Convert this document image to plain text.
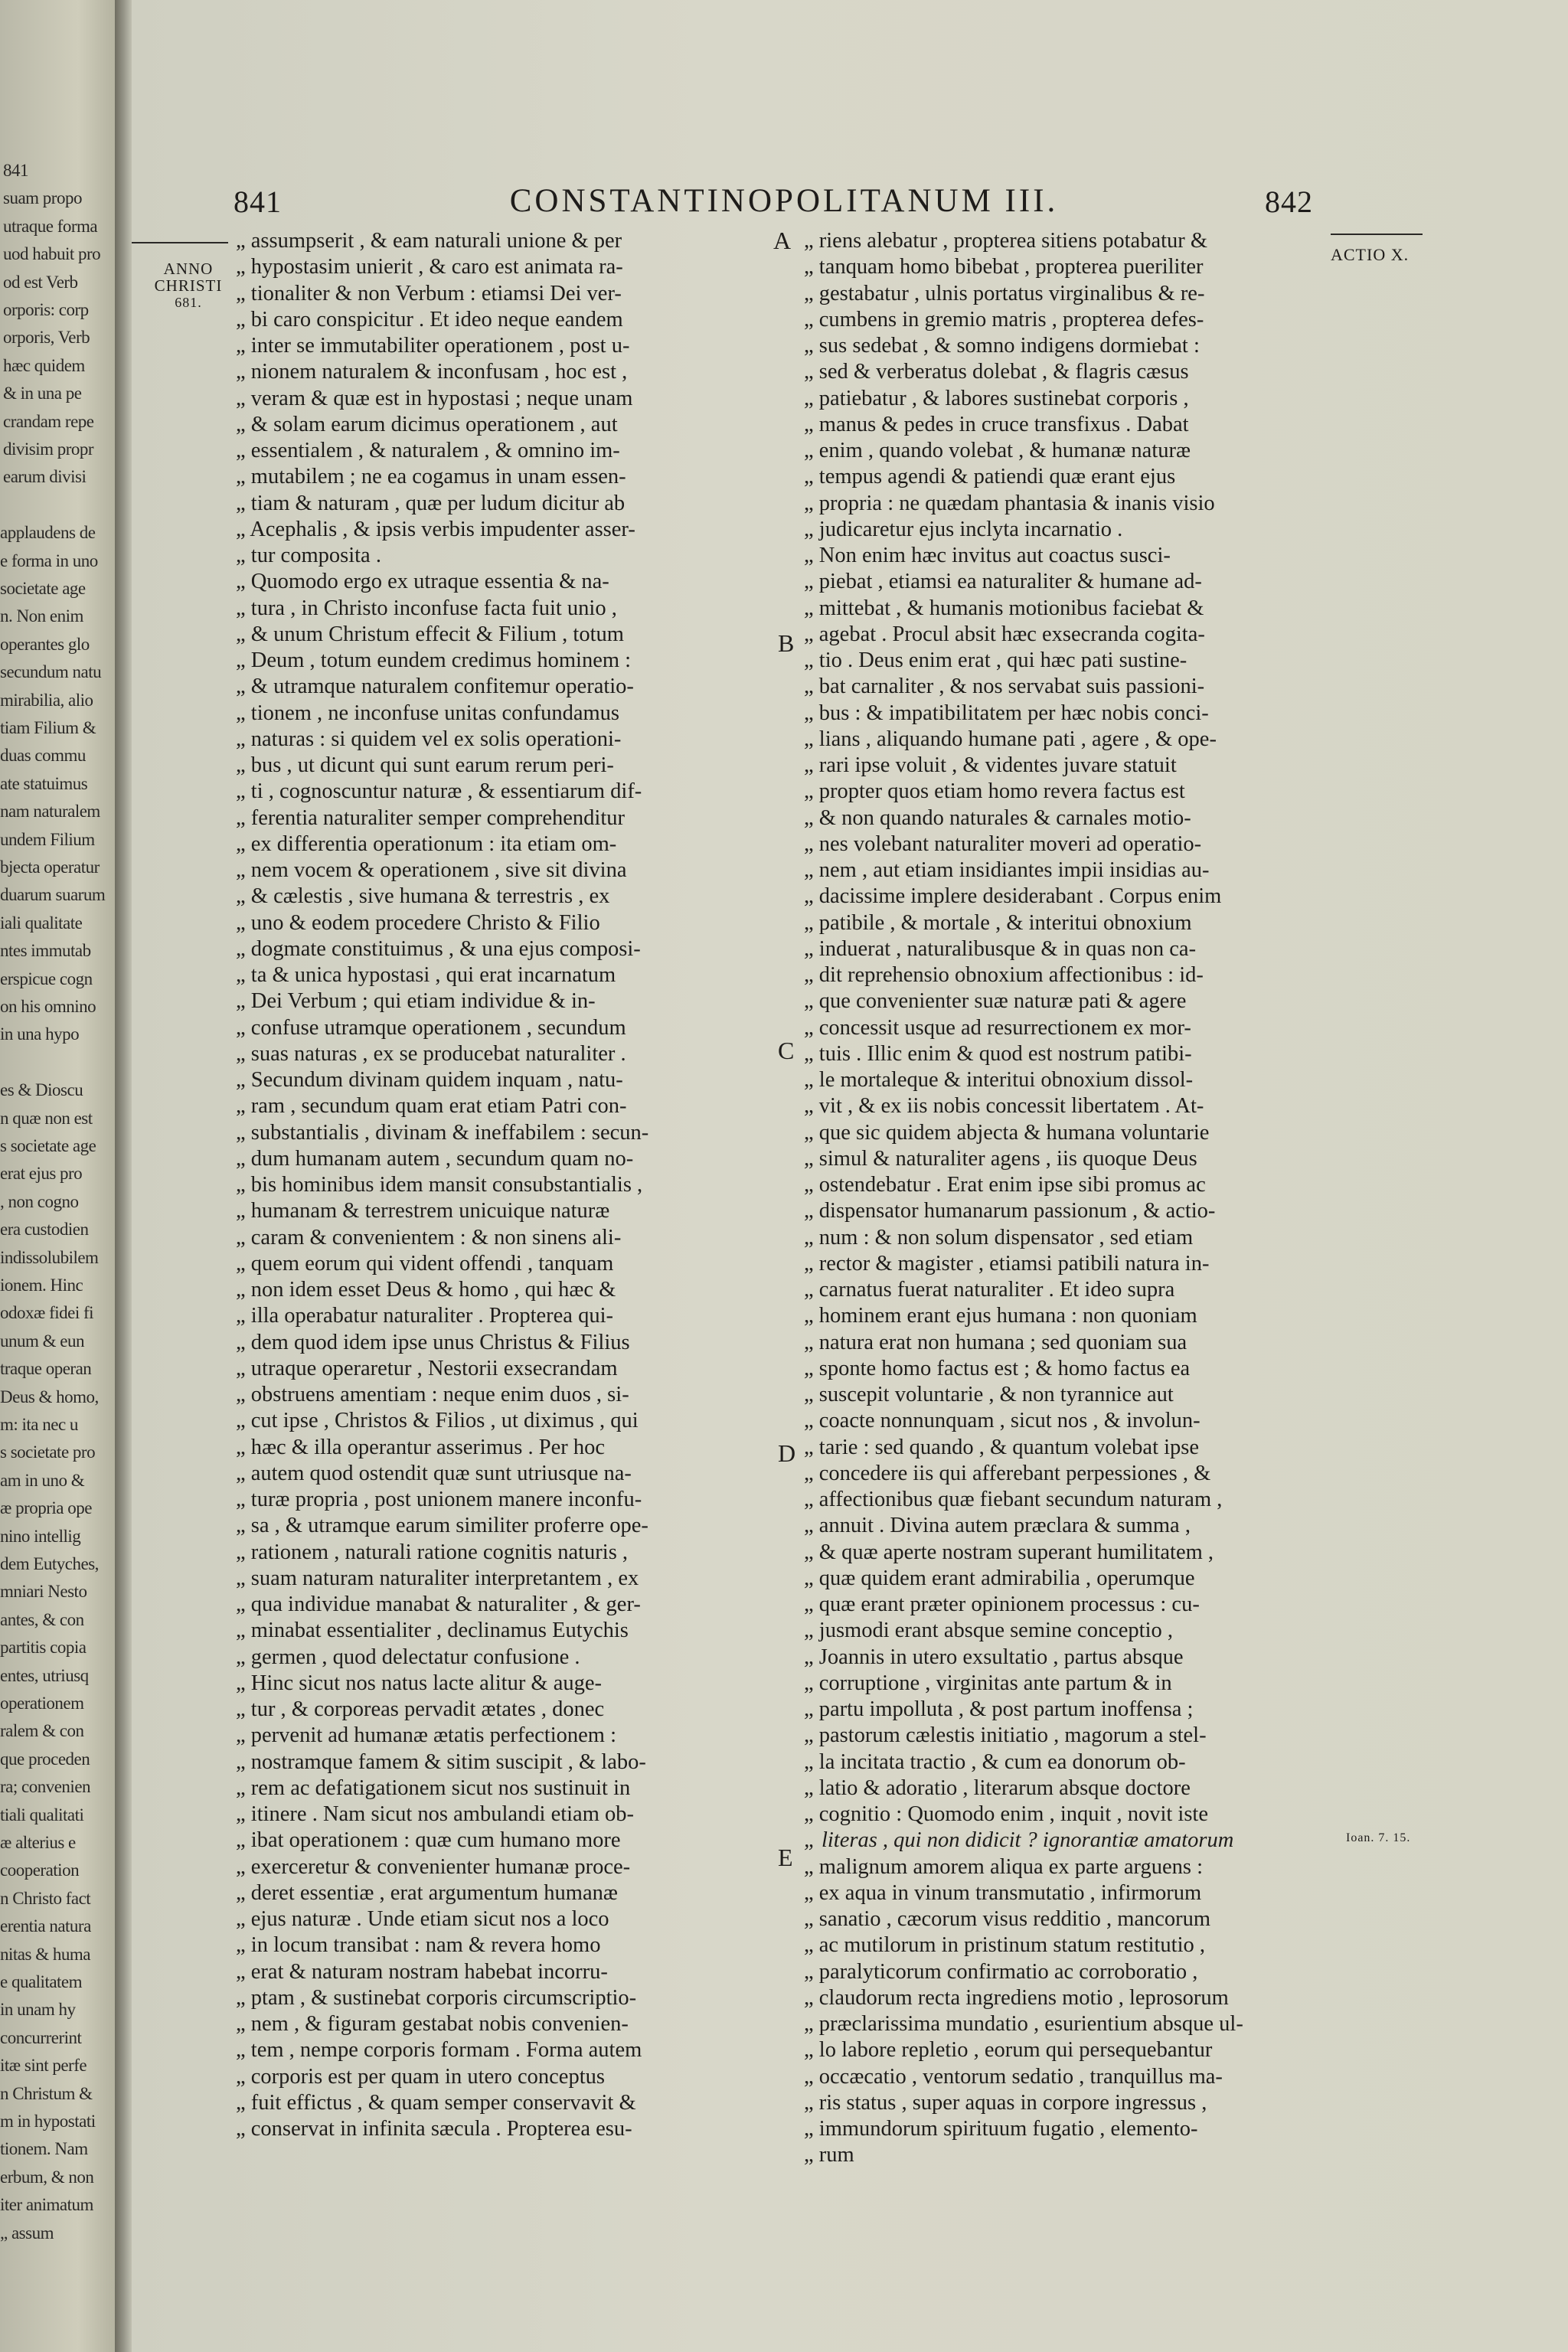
841
suam propo
utraque forma
uod habuit pro
od est Verb
orporis: corp
orporis, Verb
hæc quidem
& in una pe
crandam repe
divisim propr
earum divisi
applaudens de
e forma in uno
societate age
n. Non enim
operantes glo
secundum natu
mirabilia, alio
tiam Filium &
duas commu
ate statuimus
nam naturalem
undem Filium
bjecta operatur
duarum suarum
iali qualitate
ntes immutab
erspicue cogn
on his omnino
in una hypo
es & Dioscu
n quæ non est
s societate age
erat ejus pro
, non cogno
era custodien
indissolubilem
ionem. Hinc
odoxæ fidei fi
unum & eun
traque operan
Deus & homo,
m: ita nec u
s societate pro
am in uno &
æ propria ope
nino intellig
dem Eutyches,
mniari Nesto
antes, & con
partitis copia
entes, utriusq
operationem
ralem & con
que proceden
ra; convenien
tiali qualitati
æ alterius e
cooperation
n Christo fact
erentia natura
nitas & huma
e qualitatem
in unam hy
concurrerint
itæ sint perfe
n Christum &
m in hypostati
tionem. Nam
erbum, & non
iter animatum
„ assum
841	CONSTANTINOPOLITANUM III.	842
ANNO
CHRISTI
681.
ACTIO X.
Ioan. 7. 15.
„ assumpserit , & eam naturali unione & per
„ hypostasim unierit , & caro est animata ra-
„ tionaliter & non Verbum : etiamsi Dei ver-
„ bi caro conspicitur . Et ideo neque eandem
„ inter se immutabiliter operationem , post u-
„ nionem naturalem & inconfusam , hoc est ,
„ veram & quæ est in hypostasi ; neque unam
„ & solam earum dicimus operationem , aut
„ essentialem , & naturalem , & omnino im-
„ mutabilem ; ne ea cogamus in unam essen-
„ tiam & naturam , quæ per ludum dicitur ab
„ Acephalis , & ipsis verbis impudenter asser-
„ tur composita .
„ Quomodo ergo ex utraque essentia & na-
„ tura , in Christo inconfuse facta fuit unio ,
„ & unum Christum effecit & Filium , totum
„ Deum , totum eundem credimus hominem :
„ & utramque naturalem confitemur operatio-
„ tionem , ne inconfuse unitas confundamus
„ naturas : si quidem vel ex solis operationi-
„ bus , ut dicunt qui sunt earum rerum peri-
„ ti , cognoscuntur naturæ , & essentiarum dif-
„ ferentia naturaliter semper comprehenditur
„ ex differentia operationum : ita etiam om-
„ nem vocem & operationem , sive sit divina
„ & cælestis , sive humana & terrestris , ex
„ uno & eodem procedere Christo & Filio
„ dogmate constituimus , & una ejus composi-
„ ta & unica hypostasi , qui erat incarnatum
„ Dei Verbum ; qui etiam individue & in-
„ confuse utramque operationem , secundum
„ suas naturas , ex se producebat naturaliter .
„ Secundum divinam quidem inquam , natu-
„ ram , secundum quam erat etiam Patri con-
„ substantialis , divinam & ineffabilem : secun-
„ dum humanam autem , secundum quam no-
„ bis hominibus idem mansit consubstantialis ,
„ humanam & terrestrem unicuique naturæ
„ caram & convenientem : & non sinens ali-
„ quem eorum qui vident offendi , tanquam
„ non idem esset Deus & homo , qui hæc &
„ illa operabatur naturaliter . Propterea qui-
„ dem quod idem ipse unus Christus & Filius
„ utraque operaretur , Nestorii exsecrandam
„ obstruens amentiam : neque enim duos , si-
„ cut ipse , Christos & Filios , ut diximus , qui
„ hæc & illa operantur asserimus . Per hoc
„ autem quod ostendit quæ sunt utriusque na-
„ turæ propria , post unionem manere inconfu-
„ sa , & utramque earum similiter proferre ope-
„ rationem , naturali ratione cognitis naturis ,
„ suam naturam naturaliter interpretantem , ex
„ qua individue manabat & naturaliter , & ger-
„ minabat essentialiter , declinamus Eutychis
„ germen , quod delectatur confusione .
„ Hinc sicut nos natus lacte alitur & auge-
„ tur , & corporeas pervadit ætates , donec
„ pervenit ad humanæ ætatis perfectionem :
„ nostramque famem & sitim suscipit , & labo-
„ rem ac defatigationem sicut nos sustinuit in
„ itinere . Nam sicut nos ambulandi etiam ob-
„ ibat operationem : quæ cum humano more
„ exerceretur & convenienter humanæ proce-
„ deret essentiæ , erat argumentum humanæ
„ ejus naturæ . Unde etiam sicut nos a loco
„ in locum transibat : nam & revera homo
„ erat & naturam nostram habebat incorru-
„ ptam , & sustinebat corporis circumscriptio-
„ nem , & figuram gestabat nobis convenien-
„ tem , nempe corporis formam . Forma autem
„ corporis est per quam in utero conceptus
„ fuit effictus , & quam semper conservavit &
„ conservat in infinita sæcula . Propterea esu-
„ riens alebatur , propterea sitiens potabatur &
„ tanquam homo bibebat , propterea pueriliter
„ gestabatur , ulnis portatus virginalibus & re-
„ cumbens in gremio matris , propterea defes-
„ sus sedebat , & somno indigens dormiebat :
„ sed & verberatus dolebat , & flagris cæsus
„ patiebatur , & labores sustinebat corporis ,
„ manus & pedes in cruce transfixus . Dabat
„ enim , quando volebat , & humanæ naturæ
„ tempus agendi & patiendi quæ erant ejus
„ propria : ne quædam phantasia & inanis visio
„ judicaretur ejus inclyta incarnatio .
„ Non enim hæc invitus aut coactus susci-
„ piebat , etiamsi ea naturaliter & humane ad-
„ mittebat , & humanis motionibus faciebat &
„ agebat . Procul absit hæc exsecranda cogita-
„ tio . Deus enim erat , qui hæc pati sustine-
„ bat carnaliter , & nos servabat suis passioni-
„ bus : & impatibilitatem per hæc nobis conci-
„ lians , aliquando humane pati , agere , & ope-
„ rari ipse voluit , & videntes juvare statuit
„ propter quos etiam homo revera factus est
„ & non quando naturales & carnales motio-
„ nes volebant naturaliter moveri ad operatio-
„ nem , aut etiam insidiantes impii insidias au-
„ dacissime implere desiderabant . Corpus enim
„ patibile , & mortale , & interitui obnoxium
„ induerat , naturalibusque & in quas non ca-
„ dit reprehensio obnoxium affectionibus : id-
„ que convenienter suæ naturæ pati & agere
„ concessit usque ad resurrectionem ex mor-
„ tuis . Illic enim & quod est nostrum patibi-
„ le mortaleque & interitui obnoxium dissol-
„ vit , & ex iis nobis concessit libertatem . At-
„ que sic quidem abjecta & humana voluntarie
„ simul & naturaliter agens , iis quoque Deus
„ ostendebatur . Erat enim ipse sibi promus ac
„ dispensator humanarum passionum , & actio-
„ num : & non solum dispensator , sed etiam
„ rector & magister , etiamsi patibili natura in-
„ carnatus fuerat naturaliter . Et ideo supra
„ hominem erant ejus humana : non quoniam
„ natura erat non humana ; sed quoniam sua
„ sponte homo factus est ; & homo factus ea
„ suscepit voluntarie , & non tyrannice aut
„ coacte nonnunquam , sicut nos , & involun-
„ tarie : sed quando , & quantum volebat ipse
„ concedere iis qui afferebant perpessiones , &
„ affectionibus quæ fiebant secundum naturam ,
„ annuit . Divina autem præclara & summa ,
„ & quæ aperte nostram superant humilitatem ,
„ quæ quidem erant admirabilia , operumque
„ quæ erant præter opinionem processus : cu-
„ jusmodi erant absque semine conceptio ,
„ Joannis in utero exsultatio , partus absque
„ corruptione , virginitas ante partum & in
„ partu impolluta , & post partum inoffensa ;
„ pastorum cælestis initiatio , magorum a stel-
„ la incitata tractio , & cum ea donorum ob-
„ latio & adoratio , literarum absque doctore
„ cognitio : Quomodo enim , inquit , novit iste
„ literas , qui non didicit ? ignorantiæ amatorum
„ malignum amorem aliqua ex parte arguens :
„ ex aqua in vinum transmutatio , infirmorum
„ sanatio , cæcorum visus redditio , mancorum
„ ac mutilorum in pristinum statum restitutio ,
„ paralyticorum confirmatio ac corroboratio ,
„ claudorum recta ingrediens motio , leprosorum
„ præclarissima mundatio , esurientium absque ul-
„ lo labore repletio , eorum qui persequebantur
„ occæcatio , ventorum sedatio , tranquillus ma-
„ ris status , super aquas in corpore ingressus ,
„ immundorum spirituum fugatio , elemento-
„ rum
A
B
C
D
E
